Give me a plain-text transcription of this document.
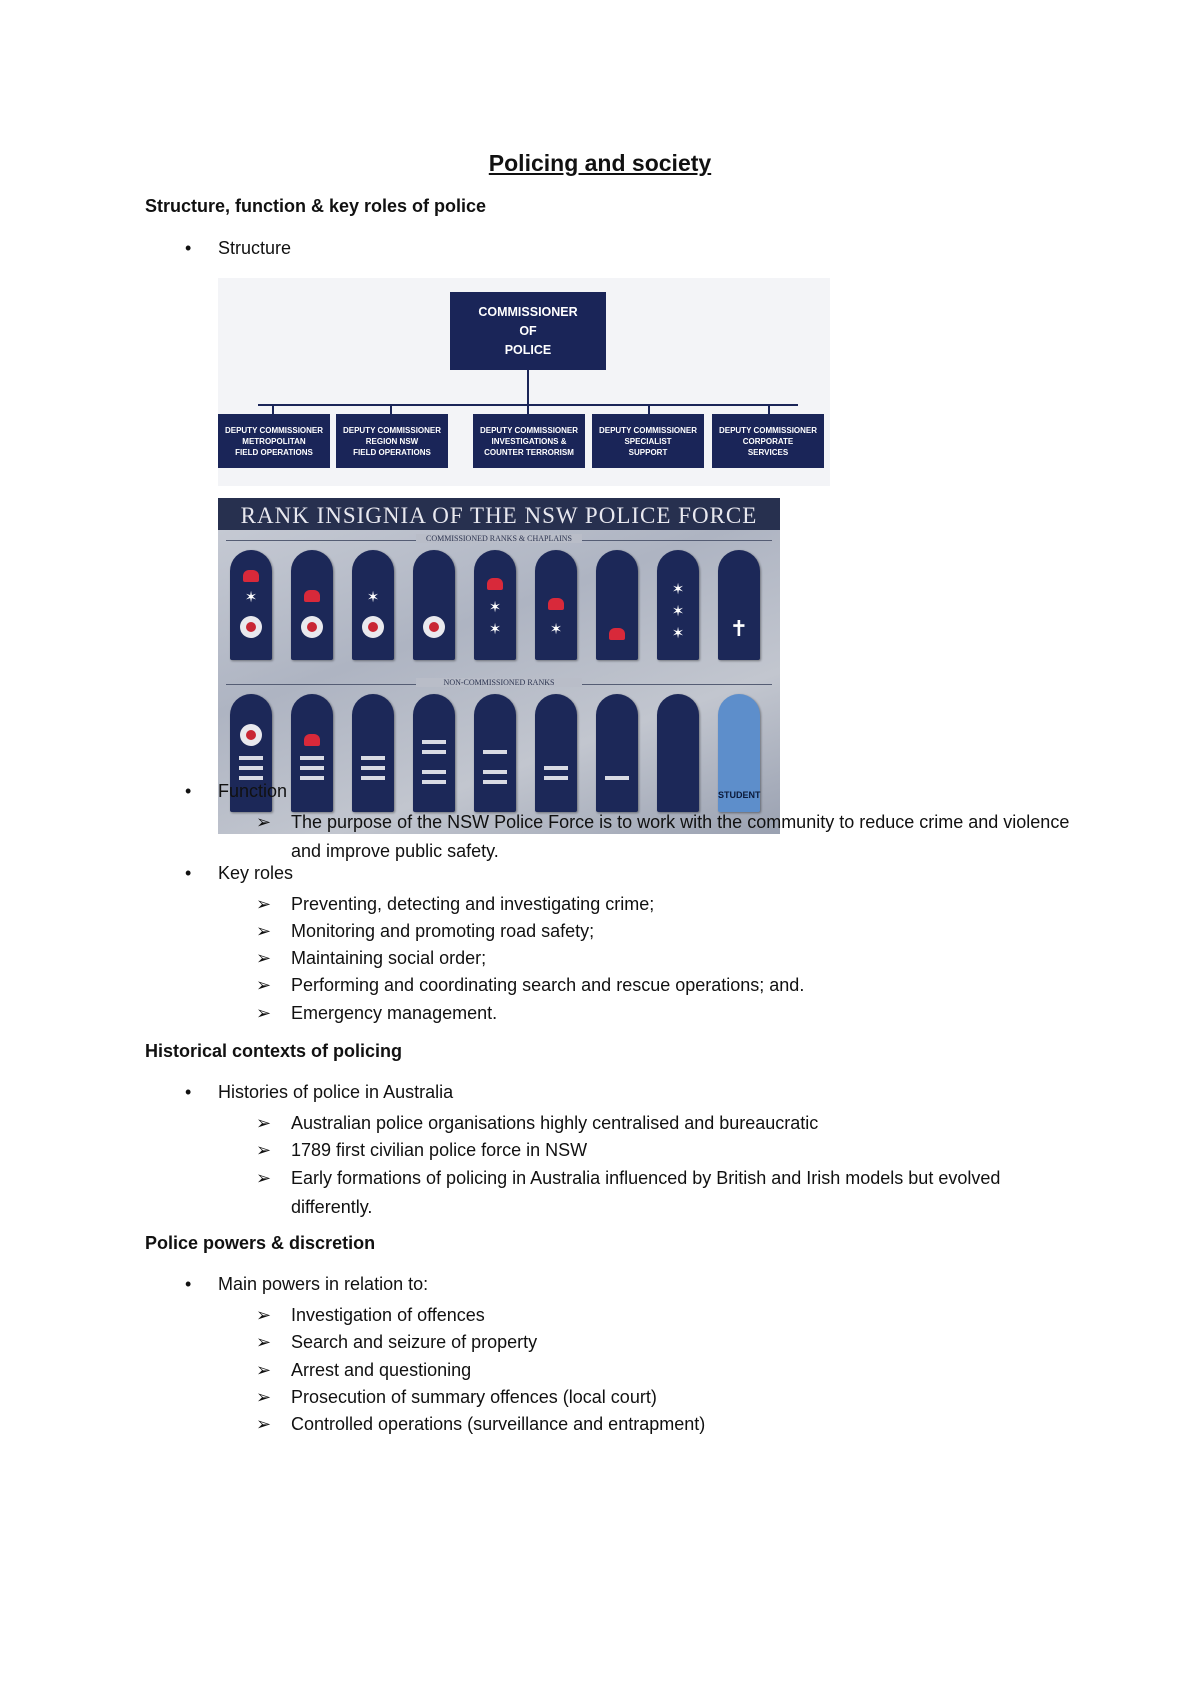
Policing and society
Structure, function & key roles of police
• Structure
COMMISSIONER
OF
POLICE
DEPUTY COMMISSIONER
METROPOLITAN
FIELD OPERATIONS
DEPUTY COMMISSIONER
REGION NSW
FIELD OPERATIONS
DEPUTY COMMISSIONER
INVESTIGATIONS &
COUNTER TERRORISM
DEPUTY COMMISSIONER
SPECIALIST
SUPPORT
DEPUTY COMMISSIONER
CORPORATE
SERVICES
RANK INSIGNIA OF THE NSW POLICE FORCE
COMMISSIONED RANKS & CHAPLAINS
NON-COMMISSIONED RANKS
✶	✶
✶
✶	✶
✶
✶
✶	✝
STUDENT
• Function
➢ The purpose of the NSW Police Force is to work with the community to reduce crime and violence and improve public safety.
• Key roles
➢ Preventing, detecting and investigating crime;
➢ Monitoring and promoting road safety;
➢ Maintaining social order;
➢ Performing and coordinating search and rescue operations; and.
➢ Emergency management.
Historical contexts of policing
• Histories of police in Australia
➢ Australian police organisations highly centralised and bureaucratic
➢ 1789 first civilian police force in NSW
➢ Early formations of policing in Australia influenced by British and Irish models but evolved differently.
Police powers & discretion
• Main powers in relation to:
➢ Investigation of offences
➢ Search and seizure of property
➢ Arrest and questioning
➢ Prosecution of summary offences (local court)
➢ Controlled operations (surveillance and entrapment)
